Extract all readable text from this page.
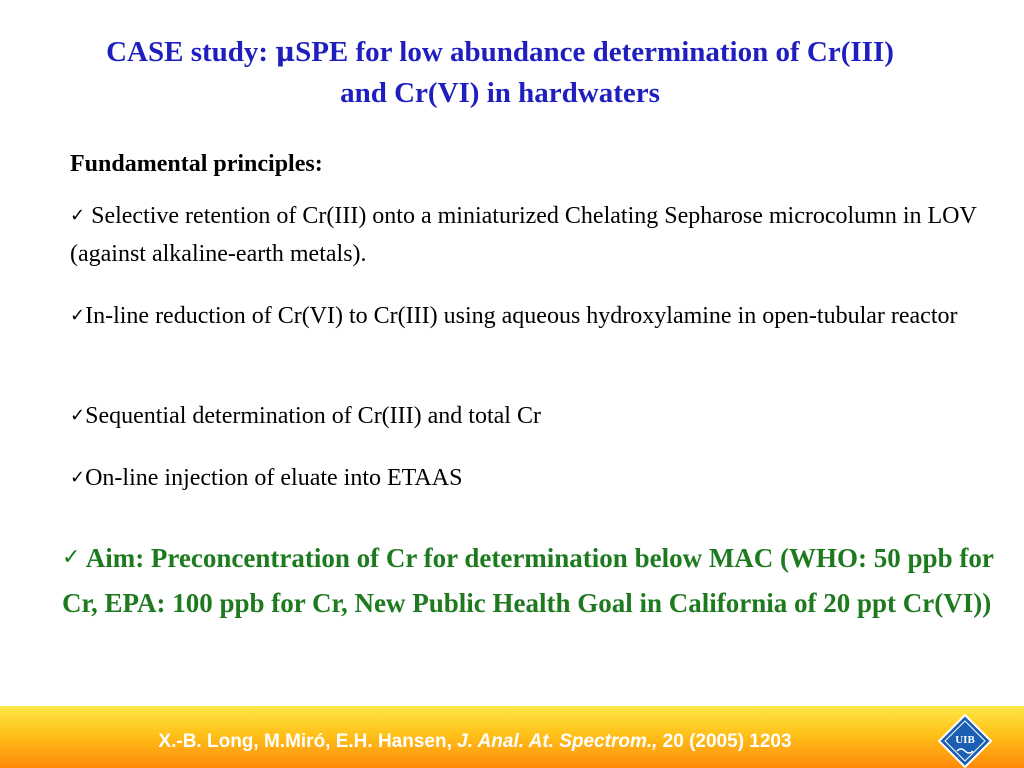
CASE study: μSPE for low abundance determination of Cr(III)
and Cr(VI) in hardwaters
Fundamental principles:
✓ Selective retention of Cr(III) onto a miniaturized Chelating Sepharose microcolumn in LOV (against alkaline-earth metals).
✓In-line reduction of Cr(VI) to Cr(III) using aqueous hydroxylamine in open-tubular reactor
✓Sequential determination of Cr(III) and total Cr
✓On-line injection of eluate into ETAAS
✓ Aim: Preconcentration of Cr for determination below MAC (WHO: 50 ppb for Cr, EPA: 100 ppb for Cr, New Public Health Goal in California of 20 ppt Cr(VI))
X.-B. Long, M.Miró, E.H. Hansen, J. Anal. At. Spectrom., 20 (2005) 1203	UIB
